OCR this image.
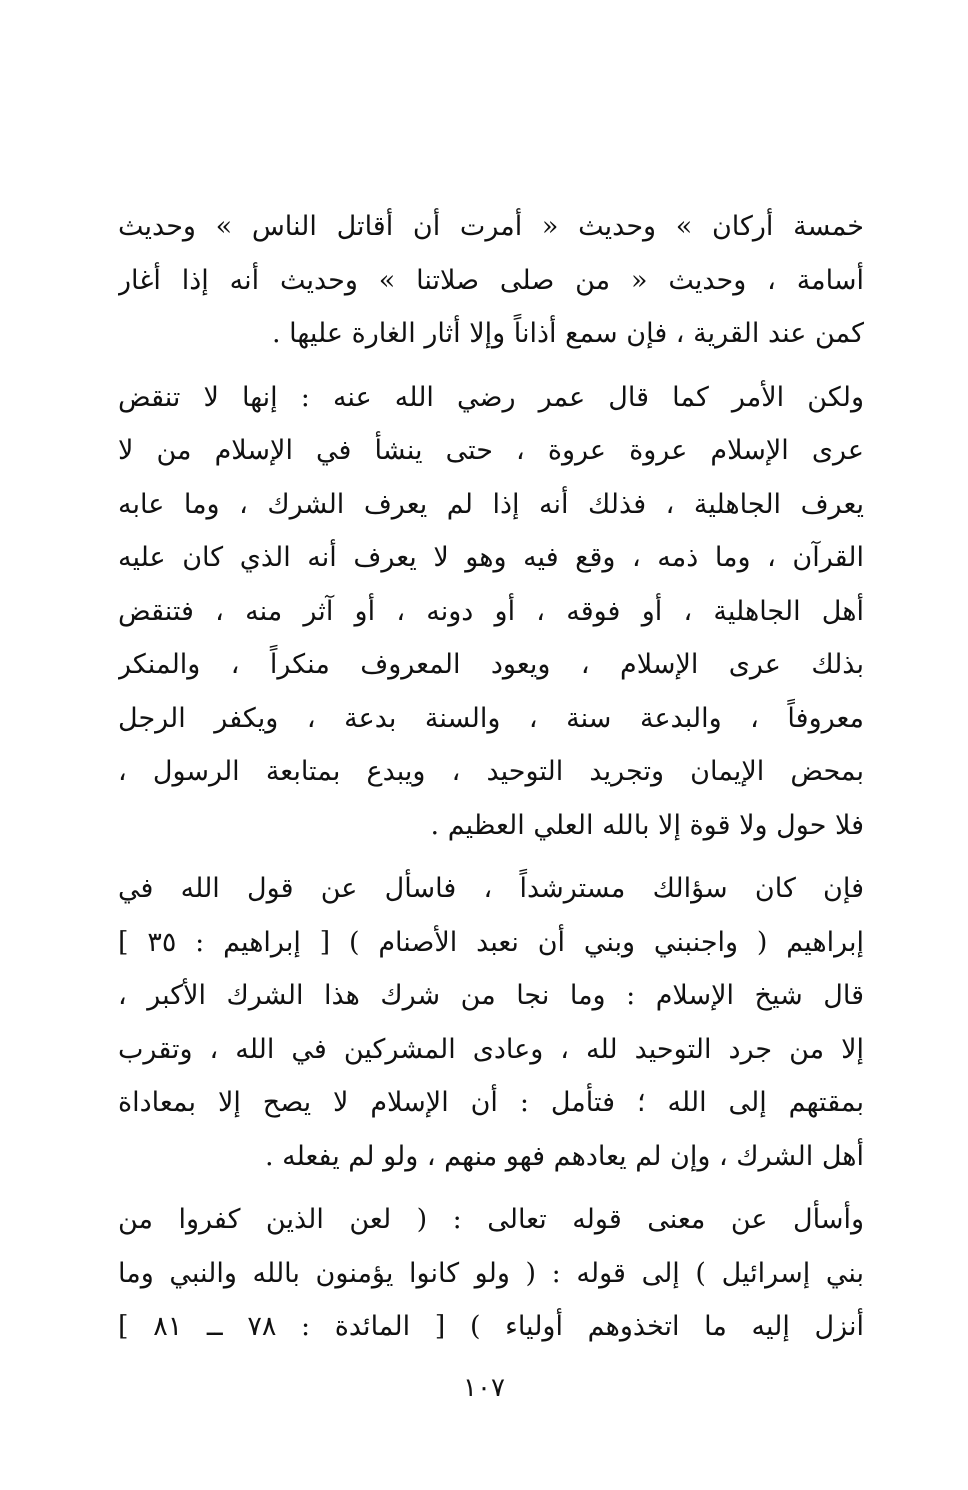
خمسة أركان » وحديث « أمرت أن أقاتل الناس » وحديث
أسامة ، وحديث « من صلى صلاتنا » وحديث أنه إذا أغار
كمن عند القرية ، فإن سمع أذاناً وإلا أثار الغارة عليها .
ولكن الأمر كما قال عمر رضي الله عنه : إنها لا تنقض
عرى الإسلام عروة عروة ، حتى ينشأ في الإسلام من لا
يعرف الجاهلية ، فذلك أنه إذا لم يعرف الشرك ، وما عابه
القرآن ، وما ذمه ، وقع فيه وهو لا يعرف أنه الذي كان عليه
أهل الجاهلية ، أو فوقه ، أو دونه ، أو آثر منه ، فتنقض
بذلك عرى الإسلام ، ويعود المعروف منكراً ، والمنكر
معروفاً ، والبدعة سنة ، والسنة بدعة ، ويكفر الرجل
بمحض الإيمان وتجريد التوحيد ، ويبدع بمتابعة الرسول ،
فلا حول ولا قوة إلا بالله العلي العظيم .
فإن كان سؤالك مسترشداً ، فاسأل عن قول الله في
إبراهيم ( واجنبني وبني أن نعبد الأصنام ) [ إبراهيم : ٣٥ ]
قال شيخ الإسلام : وما نجا من شرك هذا الشرك الأكبر ،
إلا من جرد التوحيد لله ، وعادى المشركين في الله ، وتقرب
بمقتهم إلى الله ؛ فتأمل : أن الإسلام لا يصح إلا بمعاداة
أهل الشرك ، وإن لم يعادهم فهو منهم ، ولو لم يفعله .
وأسأل عن معنى قوله تعالى : ( لعن الذين كفروا من
بني إسرائيل ) إلى قوله : ( ولو كانوا يؤمنون بالله والنبي وما
أنزل إليه ما اتخذوهم أولياء ) [ المائدة : ٧٨ ــ ٨١ ]
١٠٧
